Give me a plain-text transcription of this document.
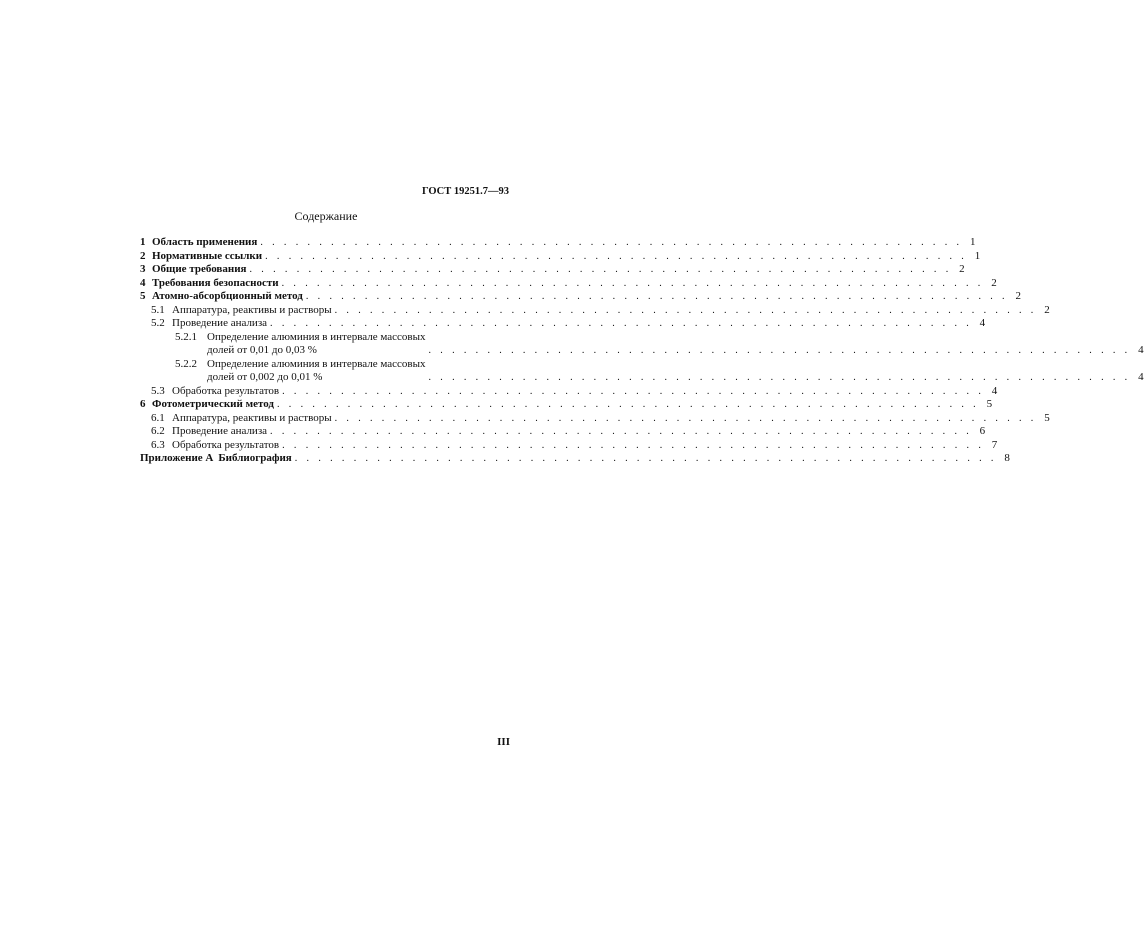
ГОСТ 19251.7—93
Содержание
1 Область применения . . . . . . . . . . . . . . . . . . . . . . . . . . . . . . . . . . . . . . . . . . . . . . . . . . . . . . . . . . . . 1
2 Нормативные ссылки . . . . . . . . . . . . . . . . . . . . . . . . . . . . . . . . . . . . . . . . . . . . . . . . . . . . . . . . . . . . 1
3 Общие требования . . . . . . . . . . . . . . . . . . . . . . . . . . . . . . . . . . . . . . . . . . . . . . . . . . . . . . . . . . . . 2
4 Требования безопасности . . . . . . . . . . . . . . . . . . . . . . . . . . . . . . . . . . . . . . . . . . . . . . . . . . . . . . . . . . . . 2
5 Атомно-абсорбционный метод . . . . . . . . . . . . . . . . . . . . . . . . . . . . . . . . . . . . . . . . . . . . . . . . . . . . . . . . . . . . 2
5.1 Аппаратура, реактивы и растворы . . . . . . . . . . . . . . . . . . . . . . . . . . . . . . . . . . . . . . . . . . . . . . . . . . . . . . . . . . . . 2
5.2 Проведение анализа . . . . . . . . . . . . . . . . . . . . . . . . . . . . . . . . . . . . . . . . . . . . . . . . . . . . . . . . . . . . 4
5.2.1 Определение алюминия в интервале массовых
долей от 0,01 до 0,03 %	. . . . . . . . . . . . . . . . . . . . . . . . . . . . . . . . . . . . . . . . . . . . . . . . . . . . . . . . . . . . 4
5.2.2 Определение алюминия в интервале массовых
долей от 0,002 до 0,01 %	. . . . . . . . . . . . . . . . . . . . . . . . . . . . . . . . . . . . . . . . . . . . . . . . . . . . . . . . . . . . 4
5.3 Обработка результатов . . . . . . . . . . . . . . . . . . . . . . . . . . . . . . . . . . . . . . . . . . . . . . . . . . . . . . . . . . . . 4
6 Фотометрический метод . . . . . . . . . . . . . . . . . . . . . . . . . . . . . . . . . . . . . . . . . . . . . . . . . . . . . . . . . . . . 5
6.1 Аппаратура, реактивы и растворы . . . . . . . . . . . . . . . . . . . . . . . . . . . . . . . . . . . . . . . . . . . . . . . . . . . . . . . . . . . . 5
6.2 Проведение анализа . . . . . . . . . . . . . . . . . . . . . . . . . . . . . . . . . . . . . . . . . . . . . . . . . . . . . . . . . . . . 6
6.3 Обработка результатов . . . . . . . . . . . . . . . . . . . . . . . . . . . . . . . . . . . . . . . . . . . . . . . . . . . . . . . . . . . . 7
Приложение А Библиография . . . . . . . . . . . . . . . . . . . . . . . . . . . . . . . . . . . . . . . . . . . . . . . . . . . . . . . . . . . . 8
III
